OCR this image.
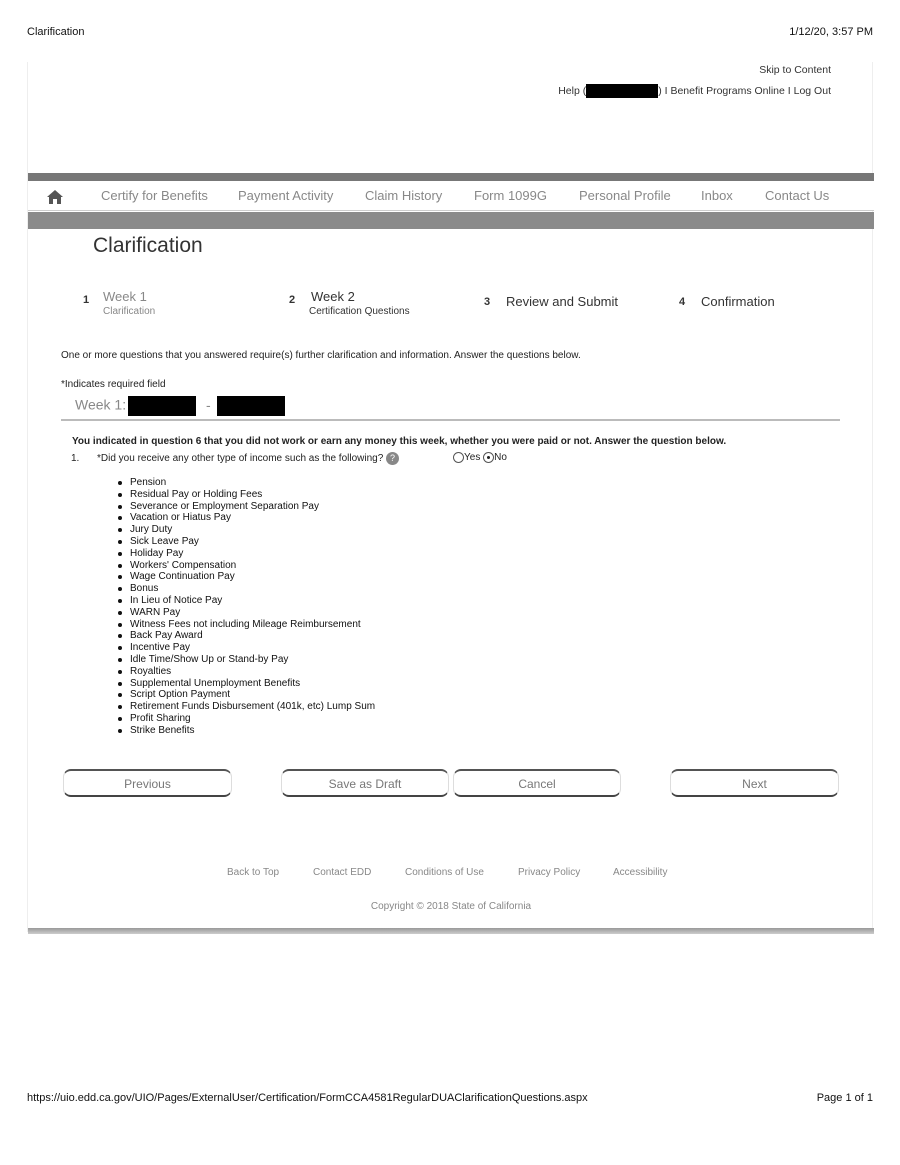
Clarification	1/12/20, 3:57 PM
Skip to Content
Help (	) I Benefit Programs Online I Log Out
Certify for Benefits Payment Activity Claim History Form 1099G Personal Profile Inbox Contact Us
Clarification
1 Week 1
Clarification
2 Week 2
Certification Questions
3 Review and Submit	4 Confirmation

One or more questions that you answered require(s) further clarification and information. Answer the questions below.

*Indicates required field

Week 1:	-

You indicated in question 6 that you did not work or earn any money this week, whether you were paid or not. Answer the question below.

1. *Did you receive any other type of income such as the following? ?	Yes No
Pension
Residual Pay or Holding Fees
Severance or Employment Separation Pay
Vacation or Hiatus Pay
Jury Duty
Sick Leave Pay
Holiday Pay
Workers' Compensation
Wage Continuation Pay
Bonus
In Lieu of Notice Pay
WARN Pay
Witness Fees not including Mileage Reimbursement
Back Pay Award
Incentive Pay
Idle Time/Show Up or Stand-by Pay
Royalties
Supplemental Unemployment Benefits
Script Option Payment
Retirement Funds Disbursement (401k, etc) Lump Sum
Profit Sharing
Strike Benefits
Previous	Save as Draft	Cancel	Next
Back to Top	Contact EDD	Conditions of Use	Privacy Policy	Accessibility

Copyright © 2018 State of California

https://uio.edd.ca.gov/UIO/Pages/ExternalUser/Certification/FormCCA4581RegularDUAClarificationQuestions.aspx	Page 1 of 1
